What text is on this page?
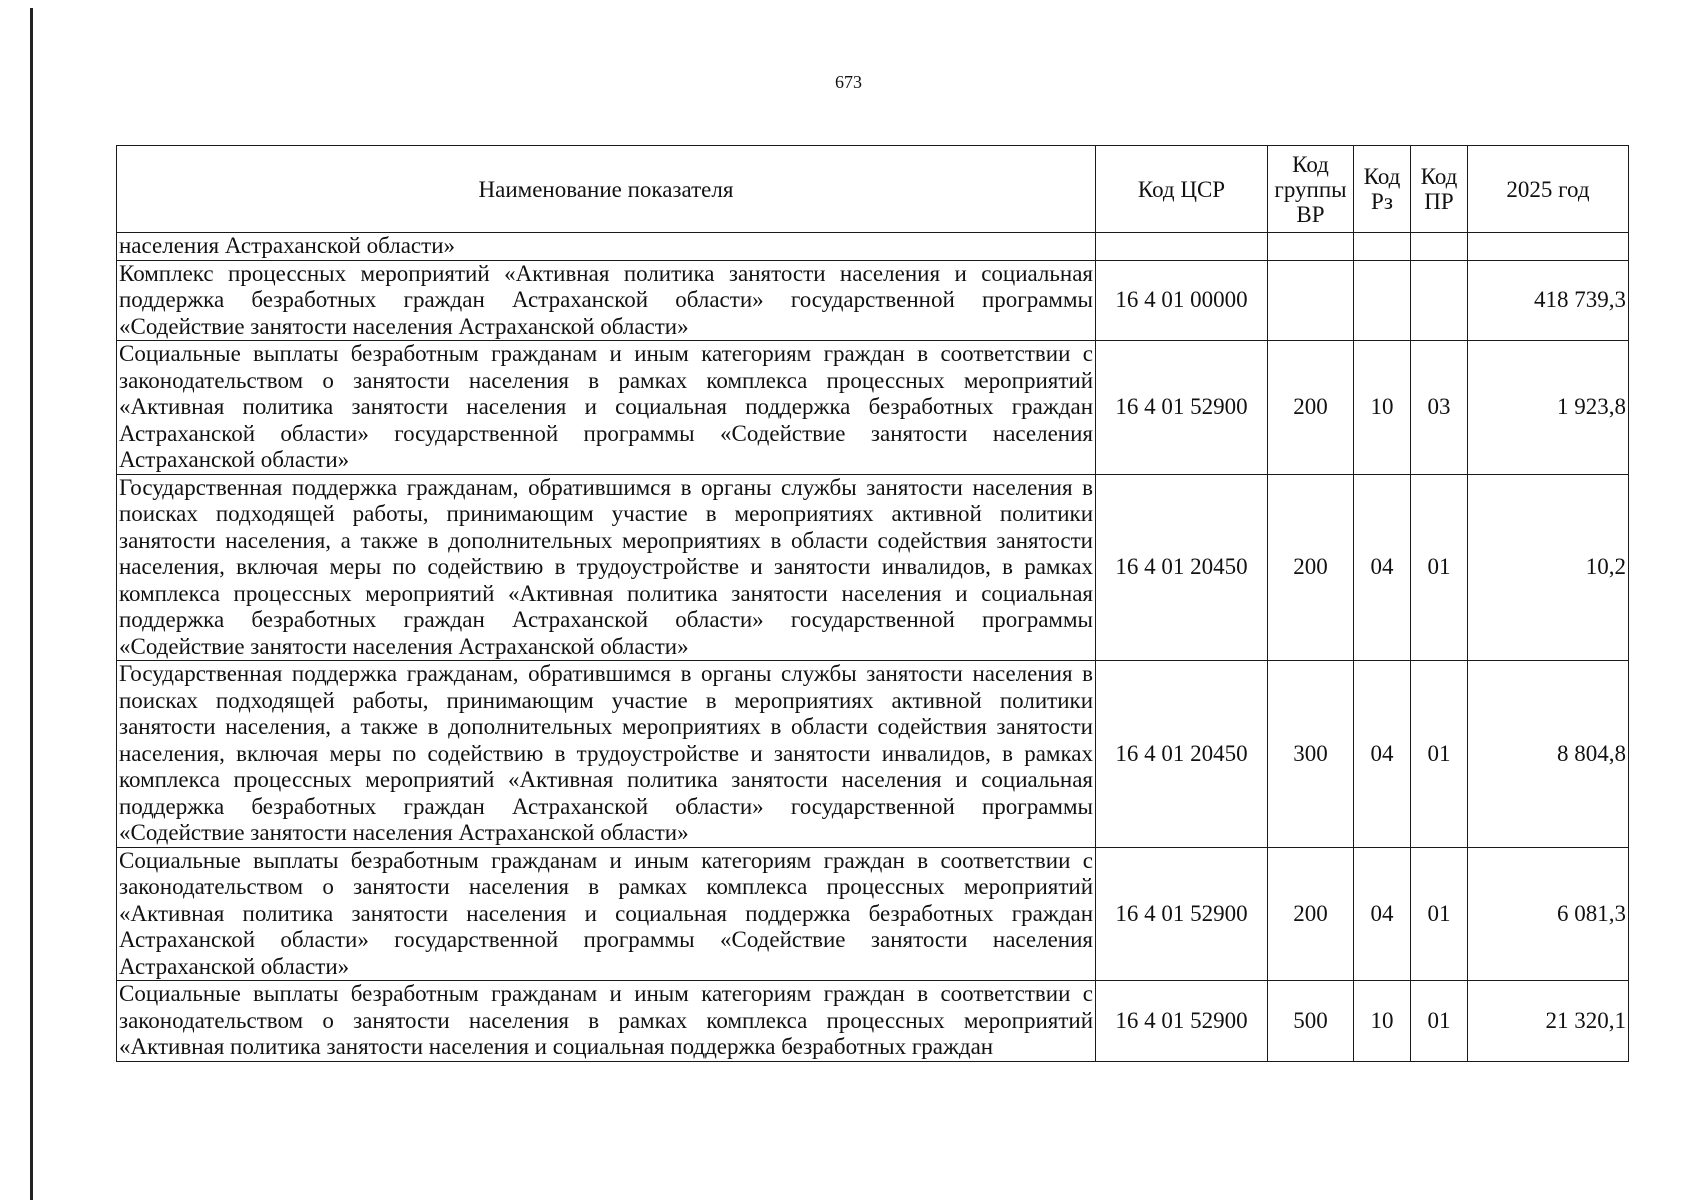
673
Наименование показателя	Код ЦСР	Код группы ВР	Код Рз	Код ПР	2025 год
населения Астраханской области»					
Комплекс процессных мероприятий «Активная политика занятости населения и социальная поддержка безработных граждан Астраханской области» государственной программы «Содействие занятости населения Астраханской области»	16 4 01 00000				418 739,3
Социальные выплаты безработным гражданам и иным категориям граждан в соответствии с законодательством о занятости населения в рамках комплекса процессных мероприятий «Активная политика занятости населения и социальная поддержка безработных граждан Астраханской области» государственной программы «Содействие занятости населения Астраханской области»	16 4 01 52900	200	10	03	1 923,8
Государственная поддержка гражданам, обратившимся в органы службы занятости населения в поисках подходящей работы, принимающим участие в мероприятиях активной политики занятости населения, а также в дополнительных мероприятиях в области содействия занятости населения, включая меры по содействию в трудоустройстве и занятости инвалидов, в рамках комплекса процессных мероприятий «Активная политика занятости населения и социальная поддержка безработных граждан Астраханской области» государственной программы «Содействие занятости населения Астраханской области»	16 4 01 20450	200	04	01	10,2
Государственная поддержка гражданам, обратившимся в органы службы занятости населения в поисках подходящей работы, принимающим участие в мероприятиях активной политики занятости населения, а также в дополнительных мероприятиях в области содействия занятости населения, включая меры по содействию в трудоустройстве и занятости инвалидов, в рамках комплекса процессных мероприятий «Активная политика занятости населения и социальная поддержка безработных граждан Астраханской области» государственной программы «Содействие занятости населения Астраханской области»	16 4 01 20450	300	04	01	8 804,8
Социальные выплаты безработным гражданам и иным категориям граждан в соответствии с законодательством о занятости населения в рамках комплекса процессных мероприятий «Активная политика занятости населения и социальная поддержка безработных граждан Астраханской области» государственной программы «Содействие занятости населения Астраханской области»	16 4 01 52900	200	04	01	6 081,3
Социальные выплаты безработным гражданам и иным категориям граждан в соответствии с законодательством о занятости населения в рамках комплекса процессных мероприятий «Активная политика занятости населения и социальная поддержка безработных граждан	16 4 01 52900	500	10	01	21 320,1
